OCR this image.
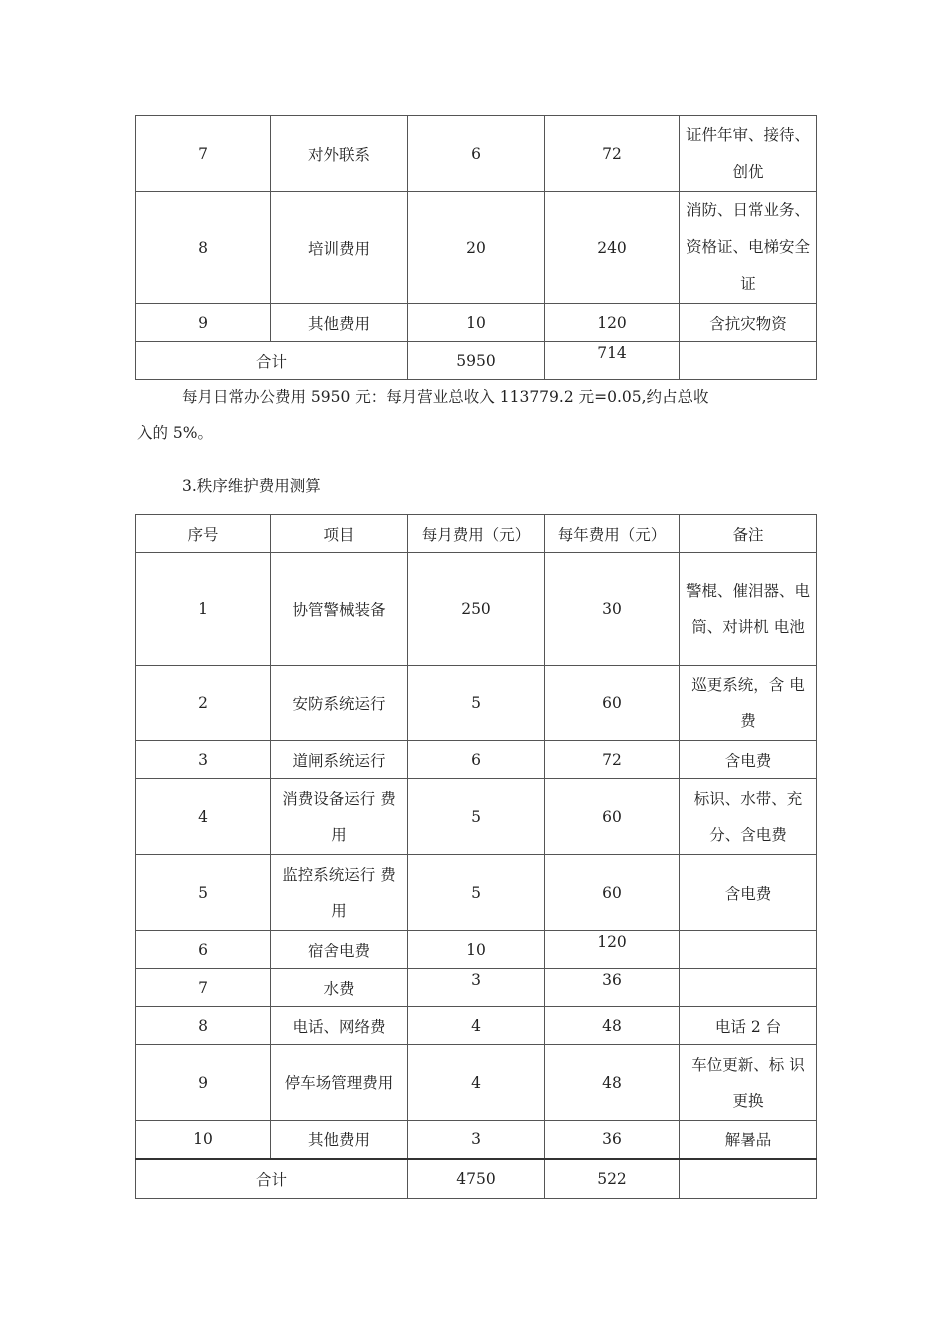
7	对外联系	6	72	证件年审、接待、创优
8	培训费用	20	240	消防、日常业务、资格证、电梯安全证
9	其他费用	10	120	含抗灾物资
合计		5950	714	

每月日常办公费用 5950 元：每月营业总收入 113779.2 元=0.05,约占总收

入的 5%。

3.秩序维护费用测算

序号	项目	每月费用（元）	每年费用（元）	备注
1	协管警械装备	250	30	警棍、催泪器、电筒、对讲机 电池
2	安防系统运行	5	60	巡更系统，含 电费
3	道闸系统运行	6	72	含电费
4	消费设备运行 费用	5	60	标识、水带、充分、含电费
5	监控系统运行 费用	5	60	含电费
6	宿舍电费	10	120	
7	水费	3	36	
8	电话、网络费	4	48	电话 2 台
9	停车场管理费用	4	48	车位更新、标 识更换
10	其他费用	3	36	解暑品
合计		4750	522	
